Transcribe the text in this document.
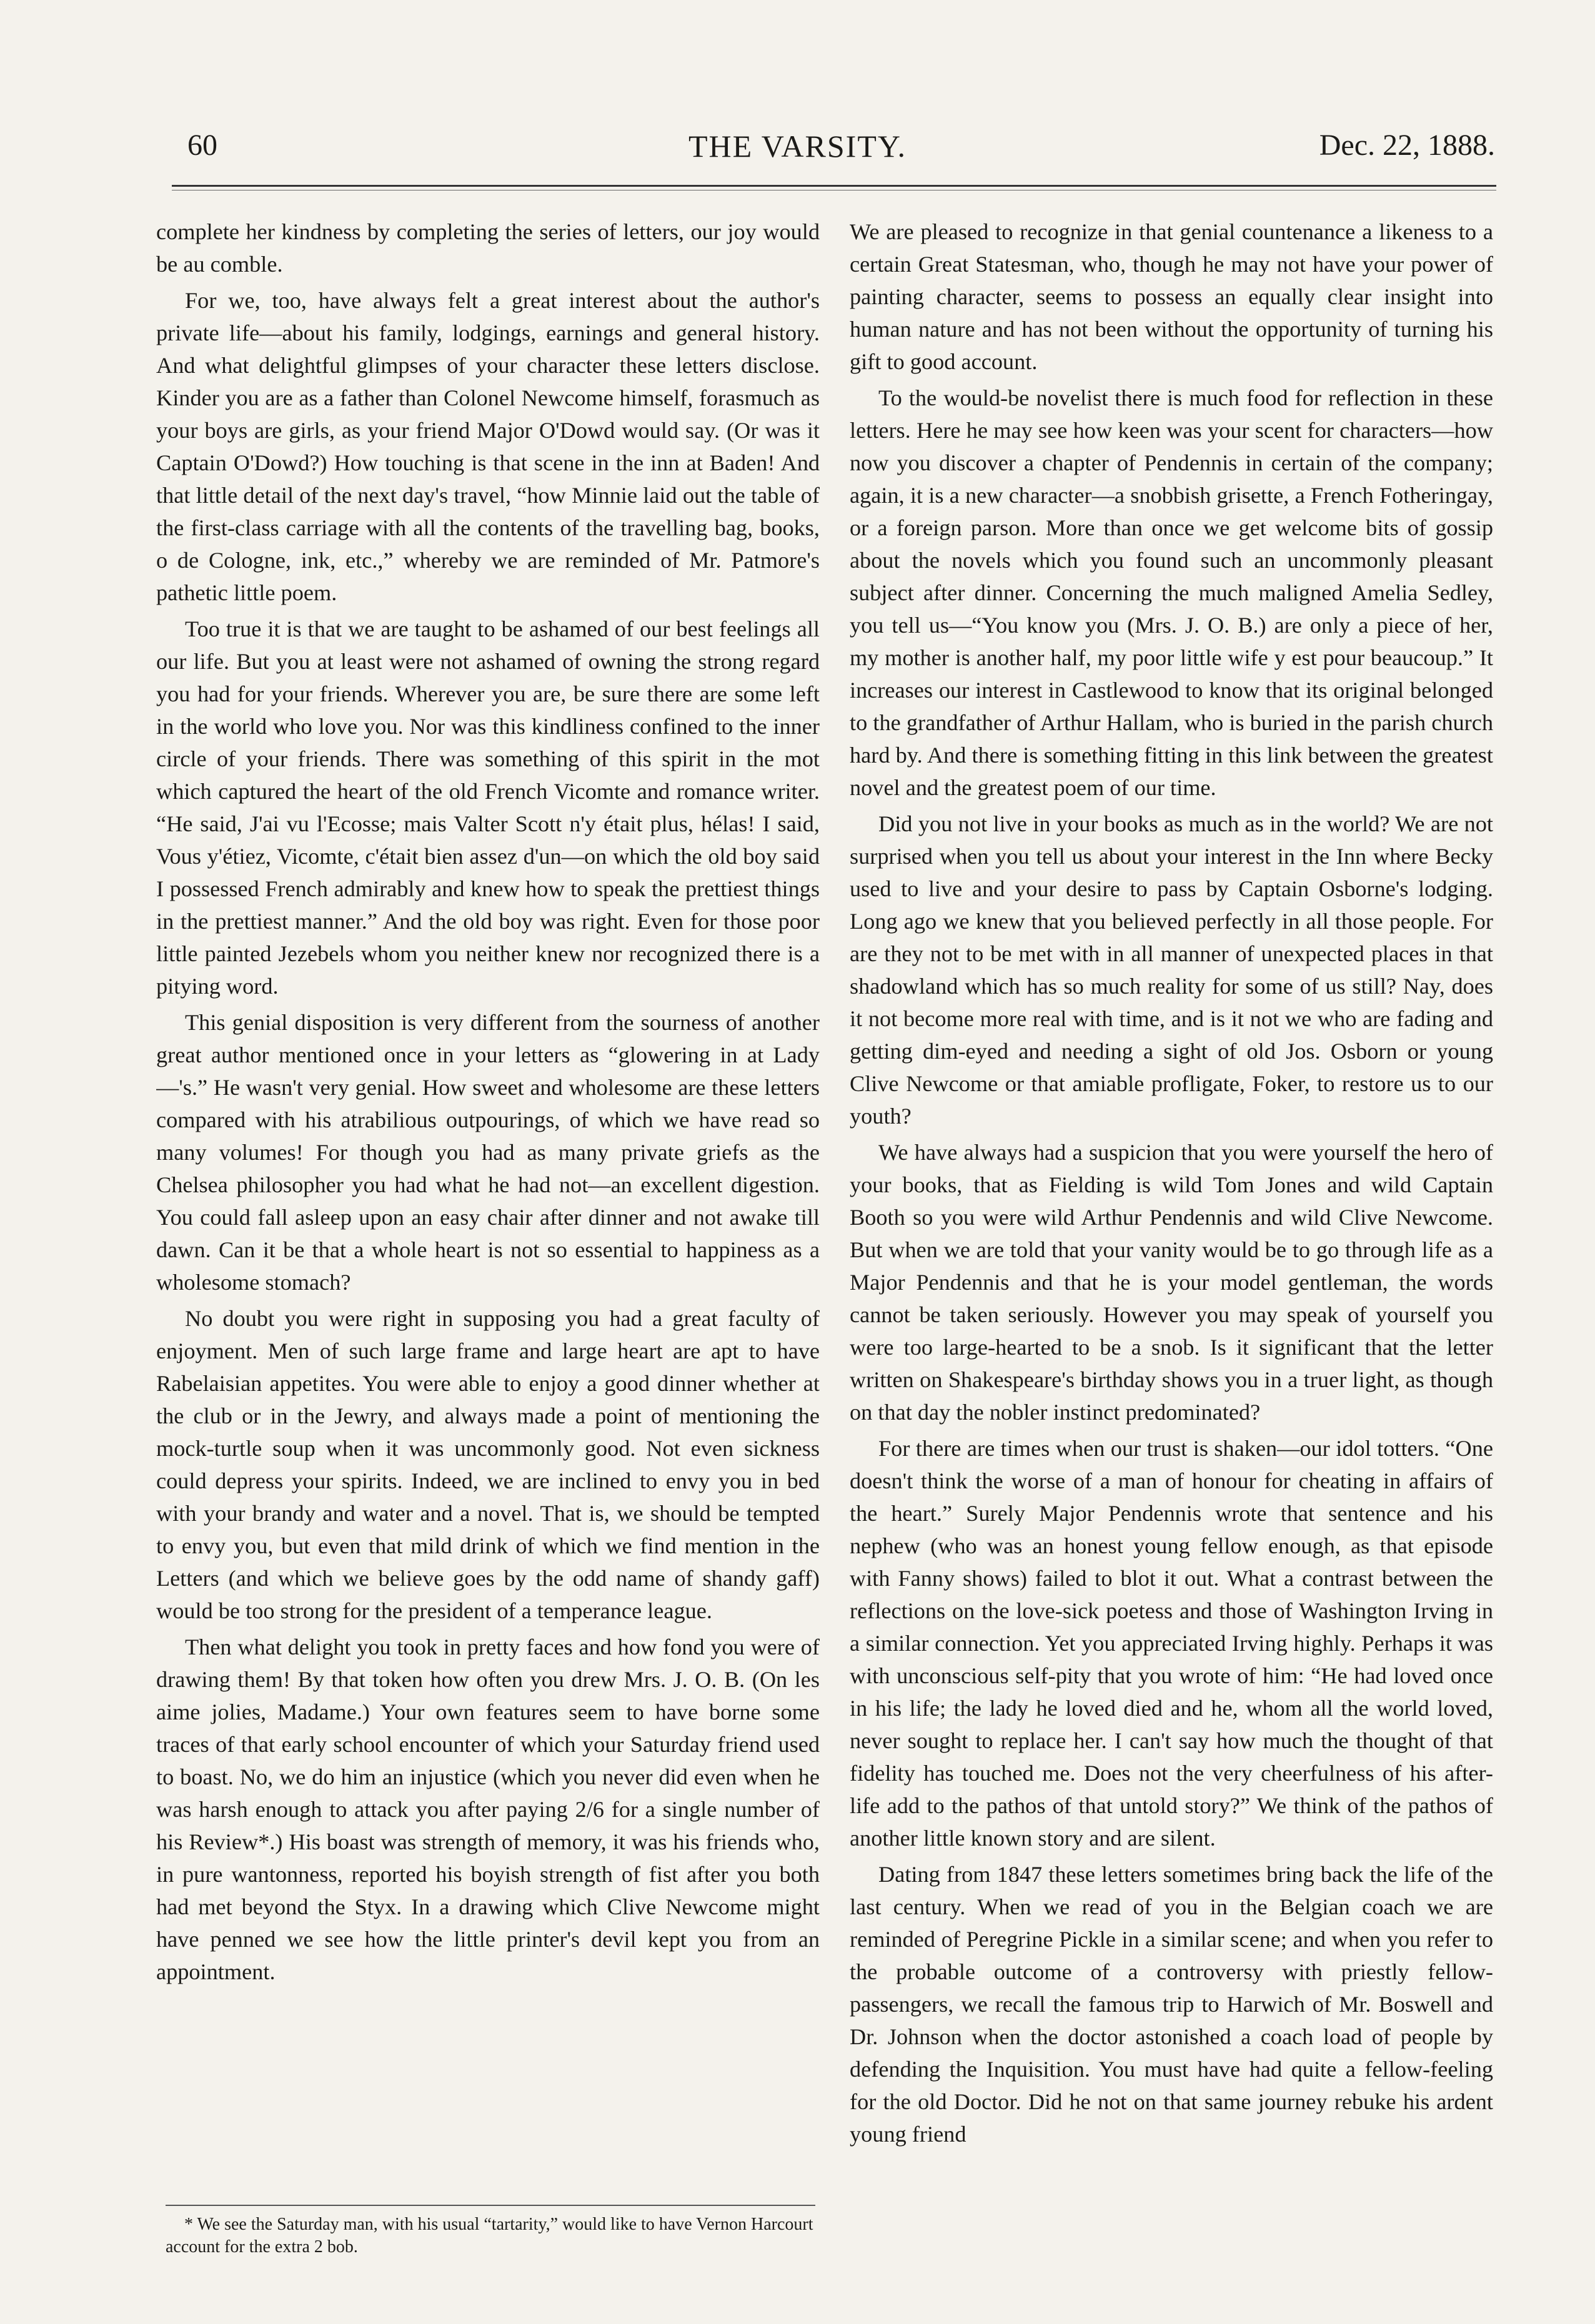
60	THE VARSITY.	Dec. 22, 1888.

complete her kindness by completing the series of letters, our joy would be au comble.

For we, too, have always felt a great interest about the author's private life—about his family, lodgings, earnings and general history. And what delightful glimpses of your character these letters disclose. Kinder you are as a father than Colonel Newcome himself, forasmuch as your boys are girls, as your friend Major O'Dowd would say. (Or was it Captain O'Dowd?) How touching is that scene in the inn at Baden! And that little detail of the next day's travel, “how Minnie laid out the table of the first-class carriage with all the contents of the travelling bag, books, o de Cologne, ink, etc.,” whereby we are reminded of Mr. Patmore's pathetic little poem.

Too true it is that we are taught to be ashamed of our best feelings all our life. But you at least were not ashamed of owning the strong regard you had for your friends. Wherever you are, be sure there are some left in the world who love you. Nor was this kindliness confined to the inner circle of your friends. There was something of this spirit in the mot which captured the heart of the old French Vicomte and romance writer. “He said, J'ai vu l'Ecosse; mais Valter Scott n'y était plus, hélas! I said, Vous y'étiez, Vicomte, c'était bien assez d'un—on which the old boy said I possessed French admirably and knew how to speak the prettiest things in the prettiest manner.” And the old boy was right. Even for those poor little painted Jezebels whom you neither knew nor recognized there is a pitying word.

This genial disposition is very different from the sourness of another great author mentioned once in your letters as “glowering in at Lady —'s.” He wasn't very genial. How sweet and wholesome are these letters compared with his atrabilious outpourings, of which we have read so many volumes! For though you had as many private griefs as the Chelsea philosopher you had what he had not—an excellent digestion. You could fall asleep upon an easy chair after dinner and not awake till dawn. Can it be that a whole heart is not so essential to happiness as a wholesome stomach?

No doubt you were right in supposing you had a great faculty of enjoyment. Men of such large frame and large heart are apt to have Rabelaisian appetites. You were able to enjoy a good dinner whether at the club or in the Jewry, and always made a point of mentioning the mock-turtle soup when it was uncommonly good. Not even sickness could depress your spirits. Indeed, we are inclined to envy you in bed with your brandy and water and a novel. That is, we should be tempted to envy you, but even that mild drink of which we find mention in the Letters (and which we believe goes by the odd name of shandy gaff) would be too strong for the president of a temperance league.

Then what delight you took in pretty faces and how fond you were of drawing them! By that token how often you drew Mrs. J. O. B. (On les aime jolies, Madame.) Your own features seem to have borne some traces of that early school encounter of which your Saturday friend used to boast. No, we do him an injustice (which you never did even when he was harsh enough to attack you after paying 2/6 for a single number of his Review*.) His boast was strength of memory, it was his friends who, in pure wantonness, reported his boyish strength of fist after you both had met beyond the Styx. In a drawing which Clive Newcome might have penned we see how the little printer's devil kept you from an appointment.

* We see the Saturday man, with his usual “tartarity,” would like to have Vernon Harcourt account for the extra 2 bob.

We are pleased to recognize in that genial countenance a likeness to a certain Great Statesman, who, though he may not have your power of painting character, seems to possess an equally clear insight into human nature and has not been without the opportunity of turning his gift to good account.

To the would-be novelist there is much food for reflection in these letters. Here he may see how keen was your scent for characters—how now you discover a chapter of Pendennis in certain of the company; again, it is a new character—a snobbish grisette, a French Fotheringay, or a foreign parson. More than once we get welcome bits of gossip about the novels which you found such an uncommonly pleasant subject after dinner. Concerning the much maligned Amelia Sedley, you tell us—“You know you (Mrs. J. O. B.) are only a piece of her, my mother is another half, my poor little wife y est pour beaucoup.” It increases our interest in Castlewood to know that its original belonged to the grandfather of Arthur Hallam, who is buried in the parish church hard by. And there is something fitting in this link between the greatest novel and the greatest poem of our time.

Did you not live in your books as much as in the world? We are not surprised when you tell us about your interest in the Inn where Becky used to live and your desire to pass by Captain Osborne's lodging. Long ago we knew that you believed perfectly in all those people. For are they not to be met with in all manner of unexpected places in that shadowland which has so much reality for some of us still? Nay, does it not become more real with time, and is it not we who are fading and getting dim-eyed and needing a sight of old Jos. Osborn or young Clive Newcome or that amiable profligate, Foker, to restore us to our youth?

We have always had a suspicion that you were yourself the hero of your books, that as Fielding is wild Tom Jones and wild Captain Booth so you were wild Arthur Pendennis and wild Clive Newcome. But when we are told that your vanity would be to go through life as a Major Pendennis and that he is your model gentleman, the words cannot be taken seriously. However you may speak of yourself you were too large-hearted to be a snob. Is it significant that the letter written on Shakespeare's birthday shows you in a truer light, as though on that day the nobler instinct predominated?

For there are times when our trust is shaken—our idol totters. “One doesn't think the worse of a man of honour for cheating in affairs of the heart.” Surely Major Pendennis wrote that sentence and his nephew (who was an honest young fellow enough, as that episode with Fanny shows) failed to blot it out. What a contrast between the reflections on the love-sick poetess and those of Washington Irving in a similar connection. Yet you appreciated Irving highly. Perhaps it was with unconscious self-pity that you wrote of him: “He had loved once in his life; the lady he loved died and he, whom all the world loved, never sought to replace her. I can't say how much the thought of that fidelity has touched me. Does not the very cheerfulness of his after-life add to the pathos of that untold story?” We think of the pathos of another little known story and are silent.

Dating from 1847 these letters sometimes bring back the life of the last century. When we read of you in the Belgian coach we are reminded of Peregrine Pickle in a similar scene; and when you refer to the probable outcome of a controversy with priestly fellow-passengers, we recall the famous trip to Harwich of Mr. Boswell and Dr. Johnson when the doctor astonished a coach load of people by defending the Inquisition. You must have had quite a fellow-feeling for the old Doctor. Did he not on that same journey rebuke his ardent young friend
